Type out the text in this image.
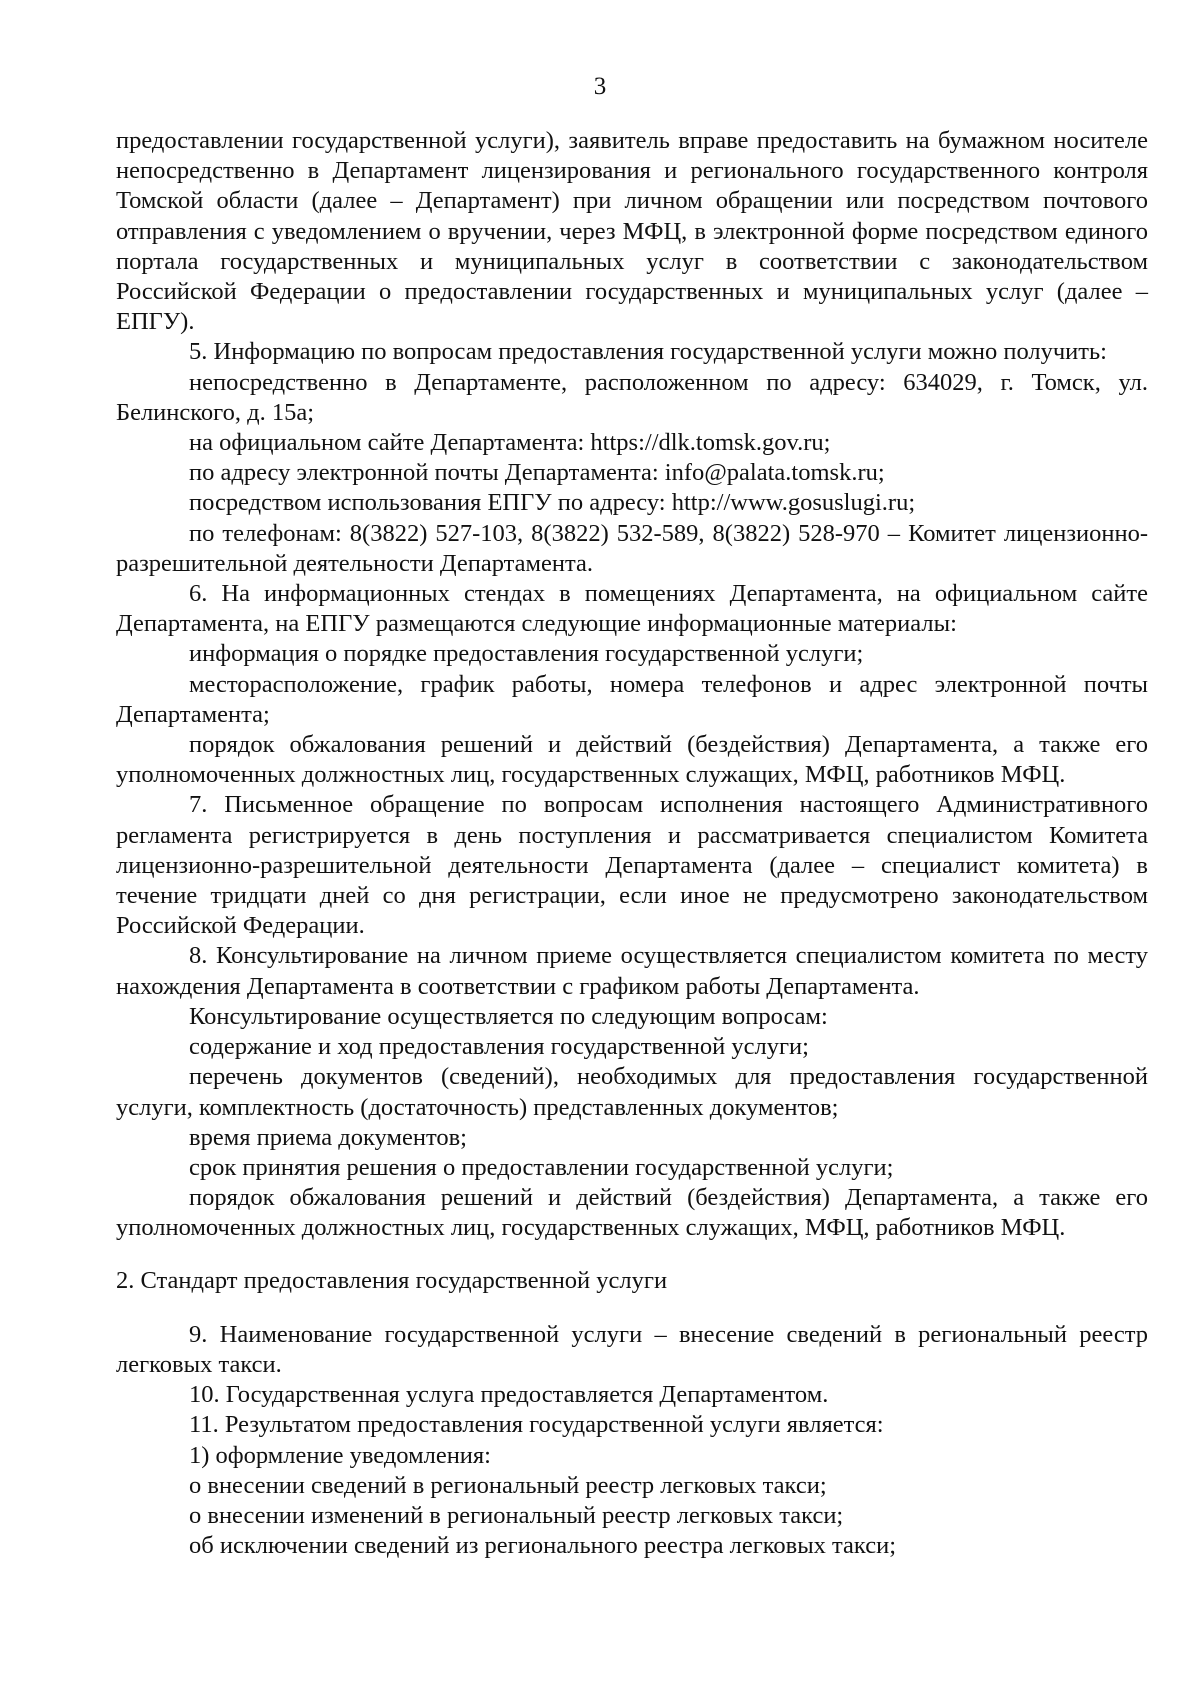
3

предоставлении государственной услуги), заявитель вправе предоставить на бумажном носителе непосредственно в Департамент лицензирования и регионального государственного контроля Томской области (далее – Департамент) при личном обращении или посредством почтового отправления с уведомлением о вручении, через МФЦ, в электронной форме посредством единого портала государственных и муниципальных услуг в соответствии с законодательством Российской Федерации о предоставлении государственных и муниципальных услуг (далее – ЕПГУ).

5. Информацию по вопросам предоставления государственной услуги можно получить:

непосредственно в Департаменте, расположенном по адресу: 634029, г. Томск, ул. Белинского, д. 15а;

на официальном сайте Департамента: https://dlk.tomsk.gov.ru;

по адресу электронной почты Департамента: info@palata.tomsk.ru;

посредством использования ЕПГУ по адресу: http://www.gosuslugi.ru;

по телефонам: 8(3822) 527-103, 8(3822) 532-589, 8(3822) 528-970 – Комитет лицензионно-разрешительной деятельности Департамента.

6. На информационных стендах в помещениях Департамента, на официальном сайте Департамента, на ЕПГУ размещаются следующие информационные материалы:

информация о порядке предоставления государственной услуги;

месторасположение, график работы, номера телефонов и адрес электронной почты Департамента;

порядок обжалования решений и действий (бездействия) Департамента, а также его уполномоченных должностных лиц, государственных служащих, МФЦ, работников МФЦ.

7. Письменное обращение по вопросам исполнения настоящего Административного регламента регистрируется в день поступления и рассматривается специалистом Комитета лицензионно-разрешительной деятельности Департамента (далее – специалист комитета) в течение тридцати дней со дня регистрации, если иное не предусмотрено законодательством Российской Федерации.

8. Консультирование на личном приеме осуществляется специалистом комитета по месту нахождения Департамента в соответствии с графиком работы Департамента.

Консультирование осуществляется по следующим вопросам:

содержание и ход предоставления государственной услуги;

перечень документов (сведений), необходимых для предоставления государственной услуги, комплектность (достаточность) представленных документов;

время приема документов;

срок принятия решения о предоставлении государственной услуги;

порядок обжалования решений и действий (бездействия) Департамента, а также его уполномоченных должностных лиц, государственных служащих, МФЦ, работников МФЦ.

2. Стандарт предоставления государственной услуги

9. Наименование государственной услуги – внесение сведений в региональный реестр легковых такси.

10. Государственная услуга предоставляется Департаментом.

11. Результатом предоставления государственной услуги является:

1) оформление уведомления:

о внесении сведений в региональный реестр легковых такси;

о внесении изменений в региональный реестр легковых такси;

об исключении сведений из регионального реестра легковых такси;
